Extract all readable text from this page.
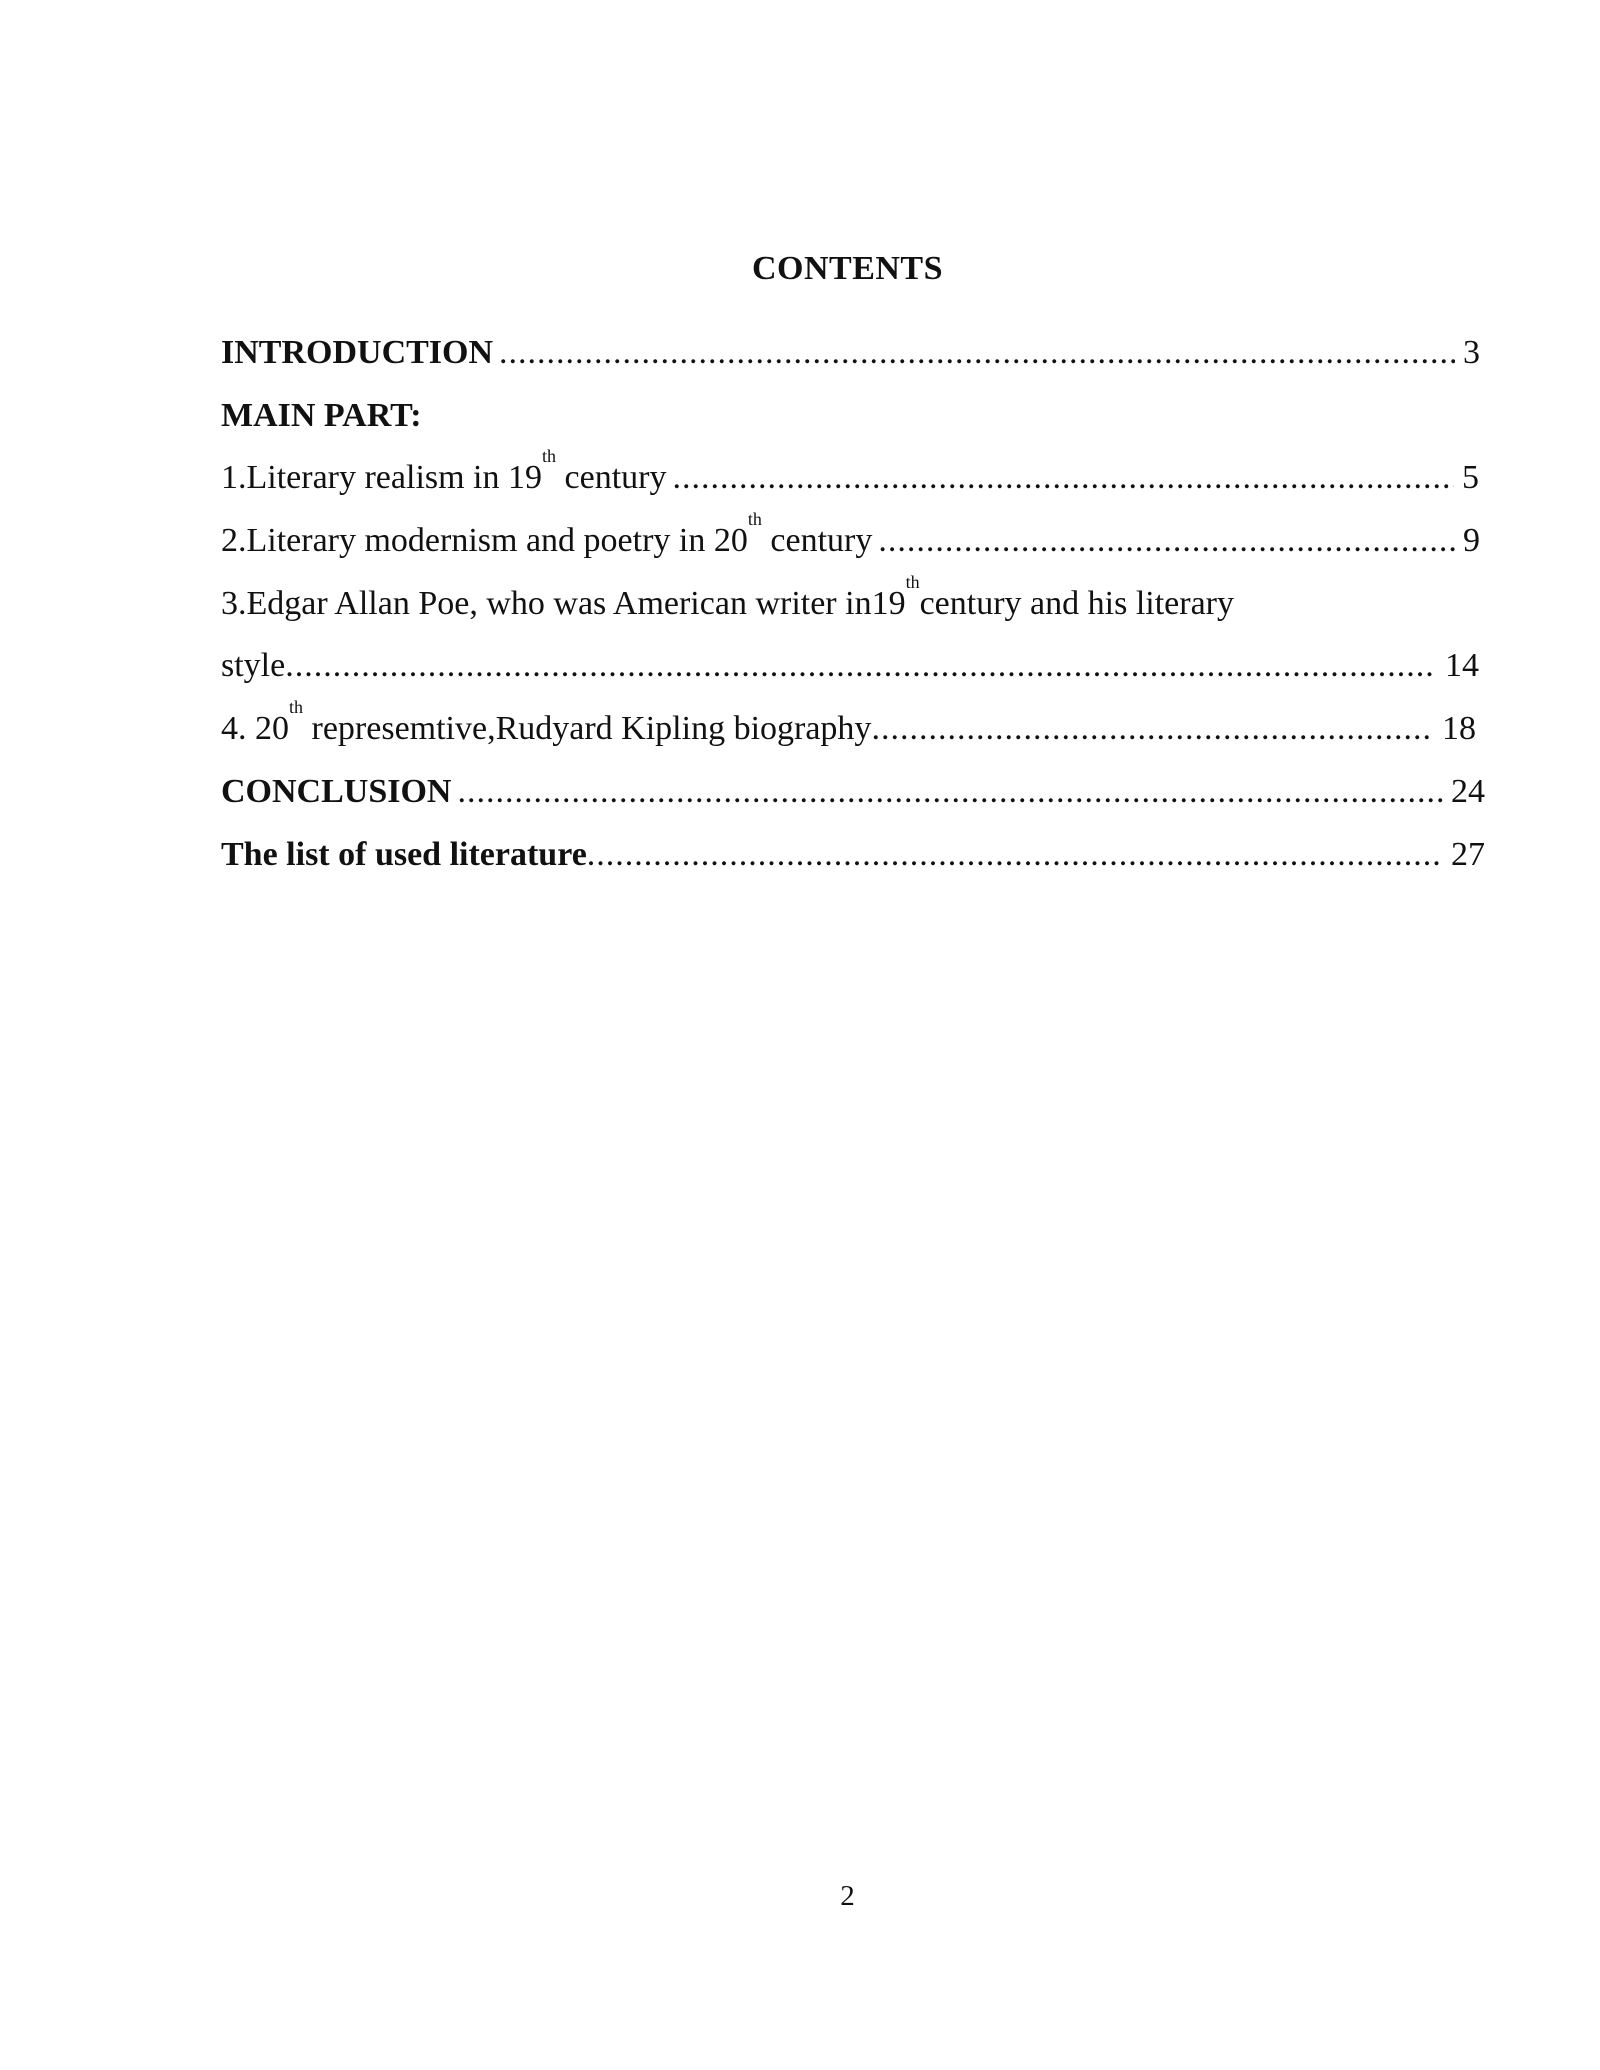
CONTENTS
INTRODUCTION .....	3
MAIN PART:
1.Literary realism in 19th century .....	5
2.Literary modernism and poetry in 20th century .....	9
3.Edgar Allan Poe, who was American writer in19thcentury and his literary
style .....	14
4. 20th represemtive,Rudyard Kipling biography .....	18
CONCLUSION .....	24
The list of used literature .....	27
2
